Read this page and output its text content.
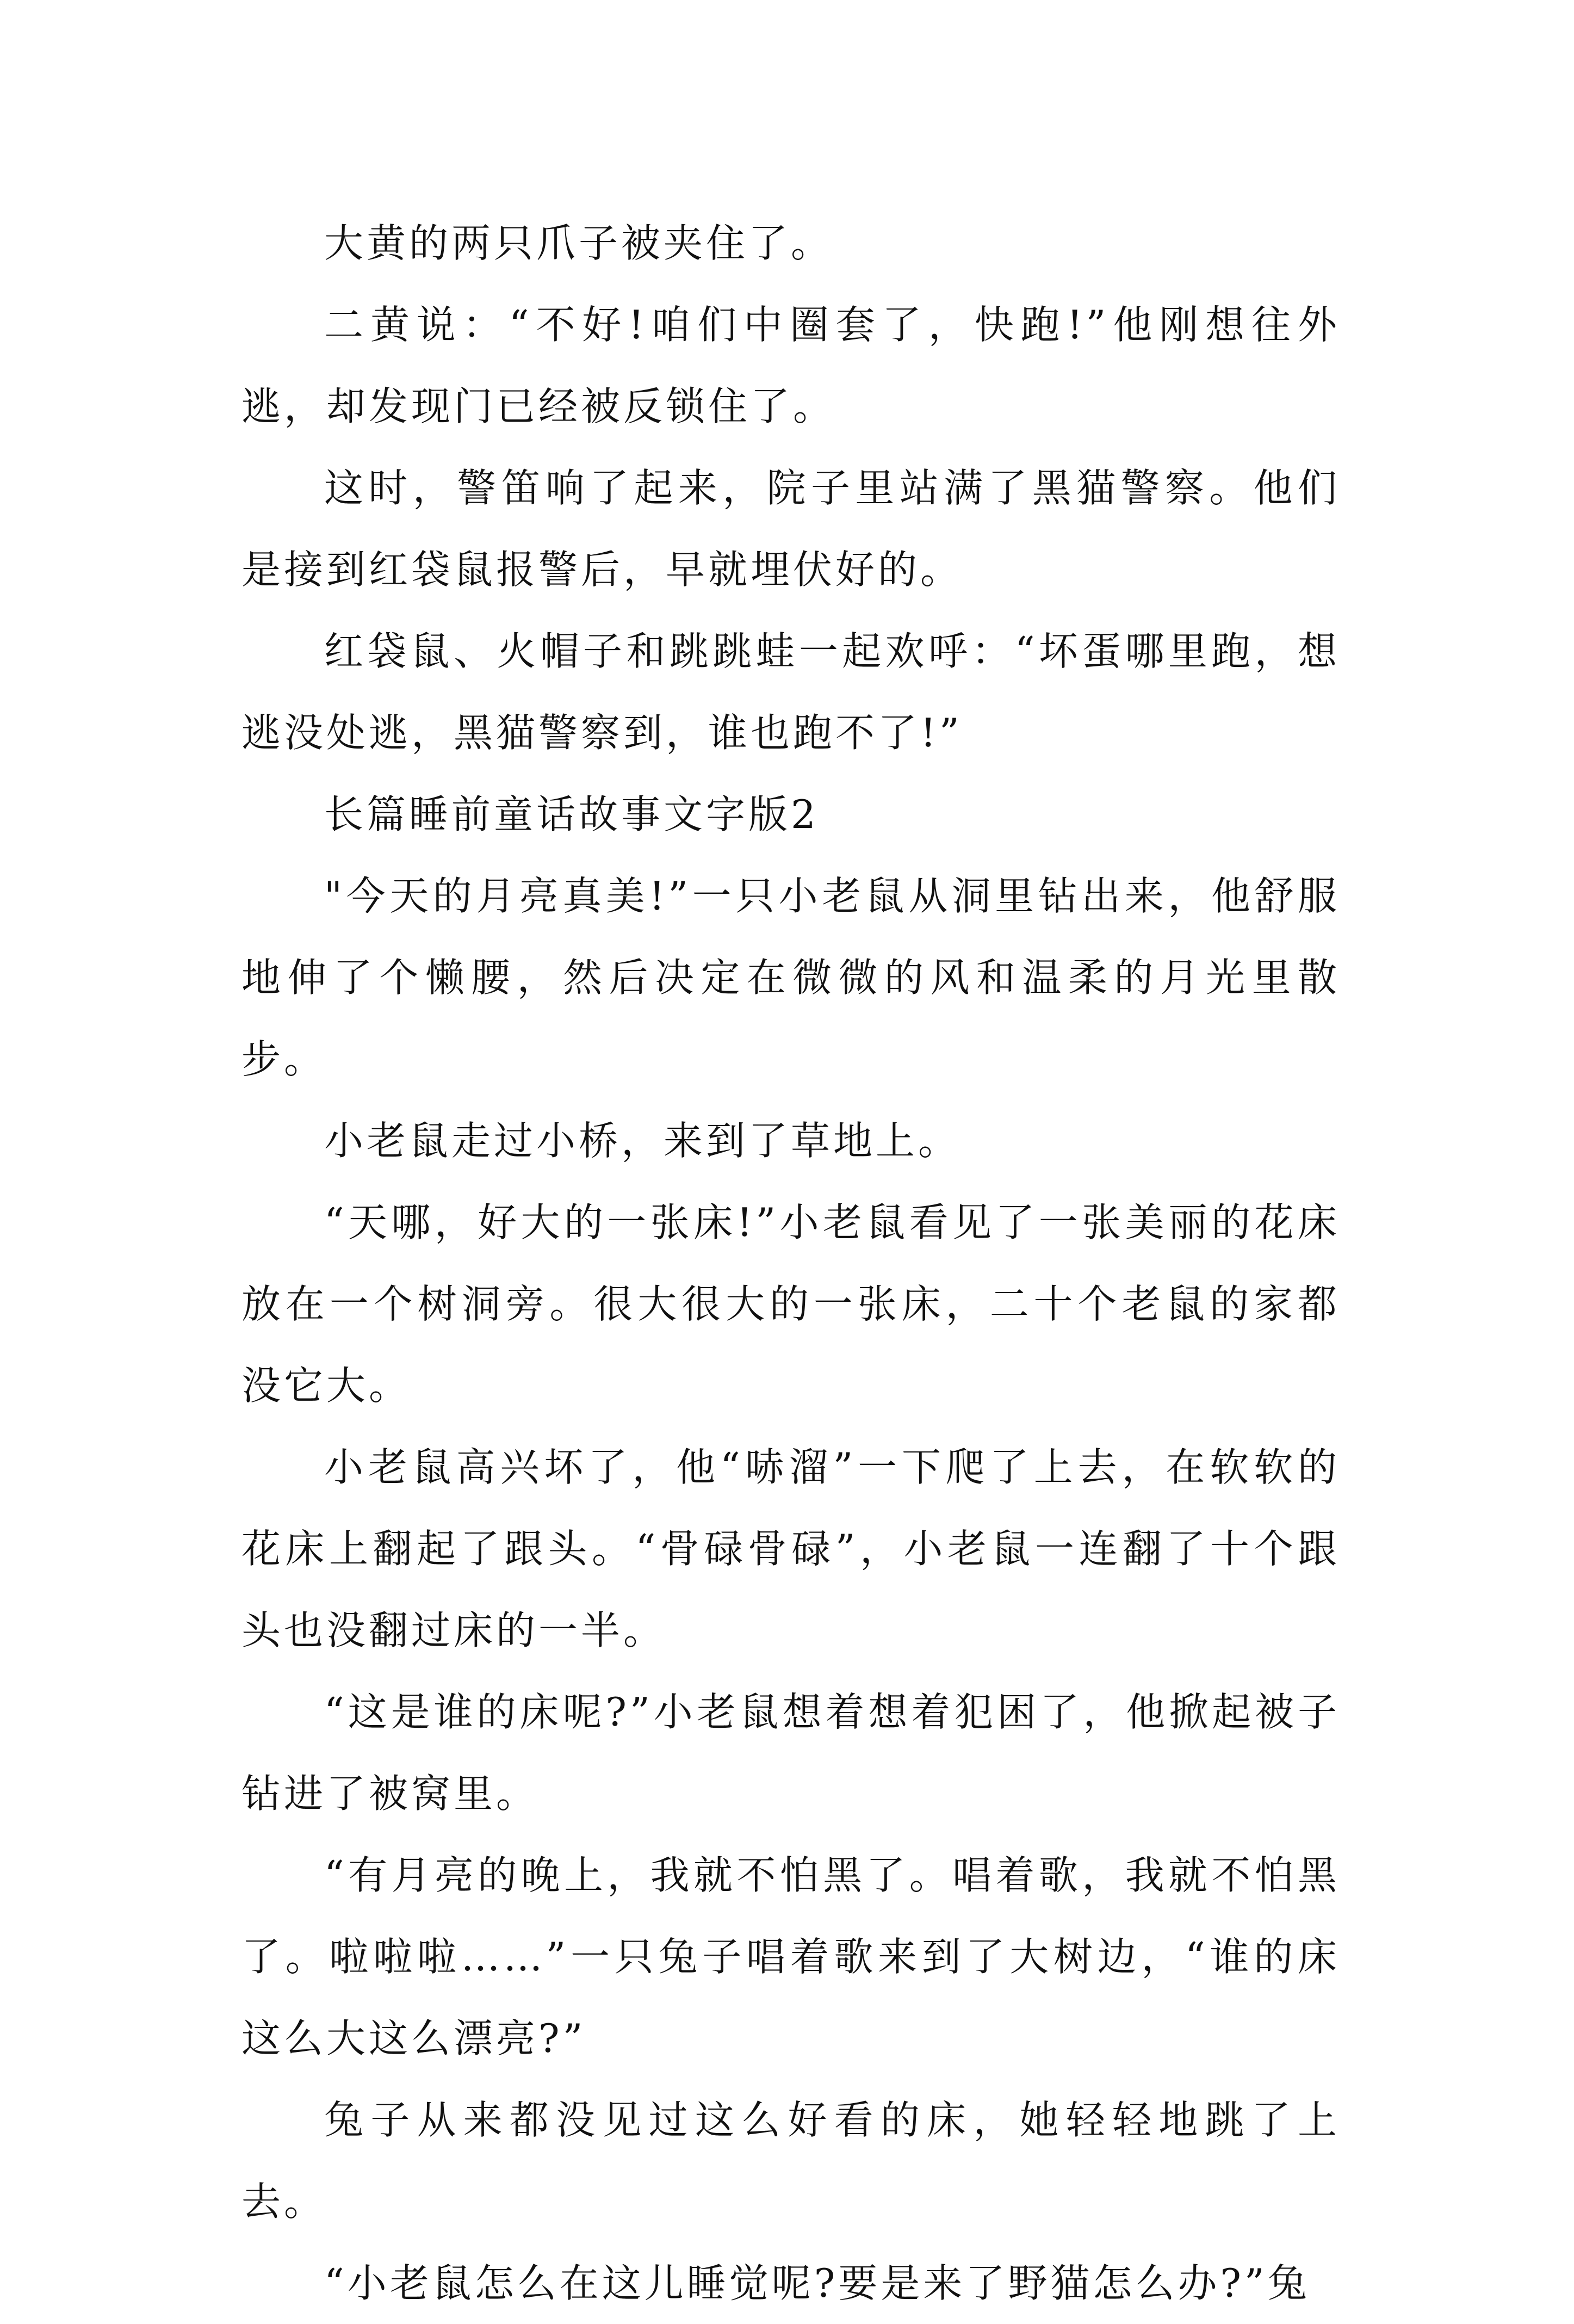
大黄的两只爪子被夹住了。

二黄说：“不好!咱们中圈套了，快跑!”他刚想往外逃，却发现门已经被反锁住了。

这时，警笛响了起来，院子里站满了黑猫警察。他们是接到红袋鼠报警后，早就埋伏好的。

红袋鼠、火帽子和跳跳蛙一起欢呼：“坏蛋哪里跑，想逃没处逃，黑猫警察到，谁也跑不了!”

长篇睡前童话故事文字版2

"今天的月亮真美!”一只小老鼠从洞里钻出来，他舒服地伸了个懒腰，然后决定在微微的风和温柔的月光里散步。

小老鼠走过小桥，来到了草地上。

“天哪，好大的一张床!”小老鼠看见了一张美丽的花床放在一个树洞旁。很大很大的一张床，二十个老鼠的家都没它大。

小老鼠高兴坏了，他“哧溜”一下爬了上去，在软软的花床上翻起了跟头。“骨碌骨碌”，小老鼠一连翻了十个跟头也没翻过床的一半。

“这是谁的床呢?”小老鼠想着想着犯困了，他掀起被子钻进了被窝里。

“有月亮的晚上，我就不怕黑了。唱着歌，我就不怕黑了。啦啦啦……”一只兔子唱着歌来到了大树边，“谁的床这么大这么漂亮?”

兔子从来都没见过这么好看的床，她轻轻地跳了上去。

“小老鼠怎么在这儿睡觉呢?要是来了野猫怎么办?”兔
